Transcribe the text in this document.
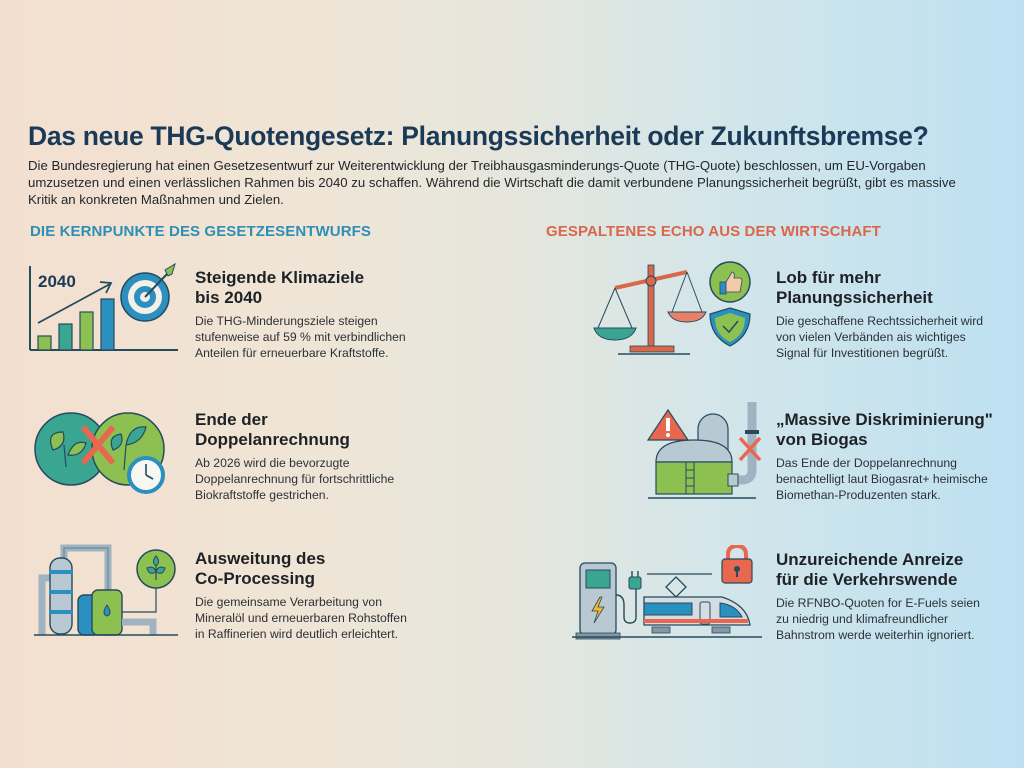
Das neue THG-Quotengesetz: Planungssicherheit oder Zukunftsbremse?

Die Bundesregierung hat einen Gesetzesentwurf zur Weiterentwicklung der Treibhausgasminderungs-Quote (THG-Quote) beschlossen, um EU-Vorgaben umzusetzen und einen verlässlichen Rahmen bis 2040 zu schaffen. Während die Wirtschaft die damit verbundene Planungssicherheit begrüßt, gibt es massive Kritik an konkreten Maßnahmen und Zielen.

DIE KERNPUNKTE DES GESETZESENTWURFS	GESPALTENES ECHO AUS DER WIRTSCHAFT
2040	Steigende Klimaziele
bis 2040

Die THG-Minderungsziele steigen
stufenweise auf 59 % mit verbindlichen
Anteilen für erneuerbare Kraftstoffe.

Ende der
Doppelanrechnung

Ab 2026 wird die bevorzugte
Doppelanrechnung für fortschrittliche
Biokraftstoffe gestrichen.

Ausweitung des
Co-Processing

Die gemeinsame Verarbeitung von
Mineralöl und erneuerbaren Rohstoffen
in Raffinerien wird deutlich erleichtert.

Lob für mehr
Planungssicherheit

Die geschaffene Rechtssicherheit wird
von vielen Verbänden ais wichtiges
Signal für Investitionen begrüßt.

„Massive Diskriminierung"
von Biogas

Das Ende der Doppelanrechnung
benachtelligt laut Biogasrat+ heimische
Biomethan-Produzenten stark.

Unzureichende Anreize
für die Verkehrswende

Die RFNBO-Quoten for E-Fuels seien
zu niedrig und klimafreundlicher
Bahnstrom werde weiterhin ignoriert.
